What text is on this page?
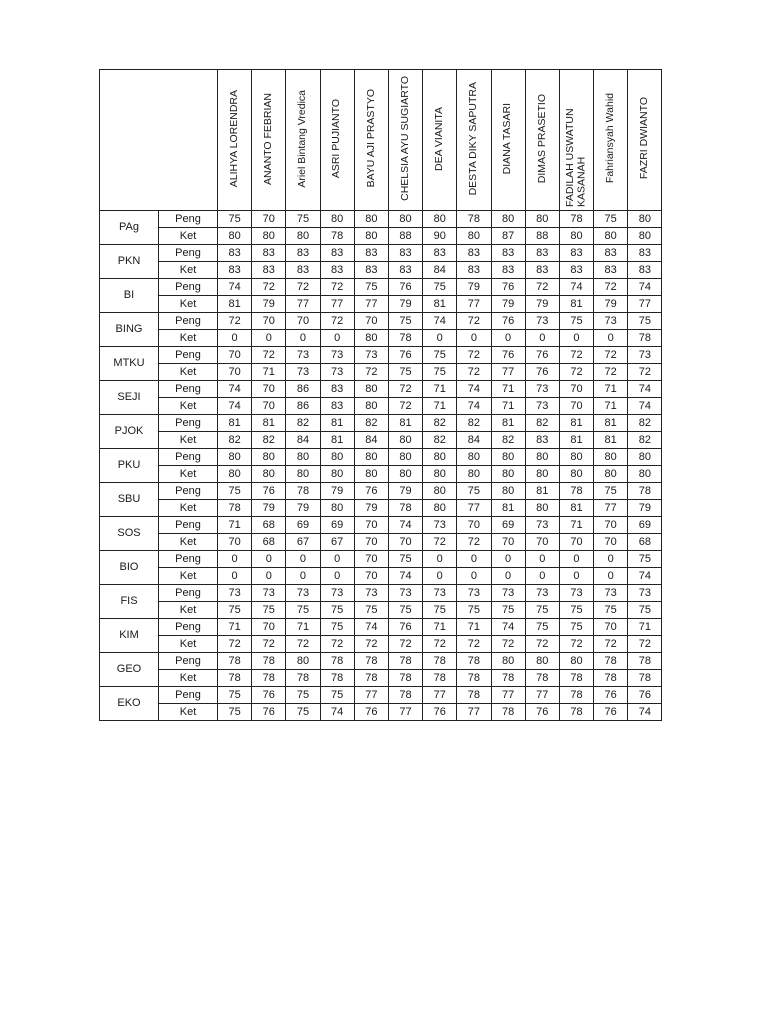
		ALIHYA LORENDRA	ANANTO FEBRIAN	Ariel Bintang Vredica	ASRI PUJIANTO	BAYU AJI PRASTYO	CHELSIA AYU SUGIARTO	DEA VIANITA	DESTA DIKY SAPUTRA	DIANA TASARI	DIMAS PRASETIO	FADILAH USWATUN KASANAH	Fahriansyah Wahid	FAZRI DWIANTO
PAg	Peng	75	70	75	80	80	80	80	78	80	80	78	75	80
	Ket	80	80	80	78	80	88	90	80	87	88	80	80	80
PKN	Peng	83	83	83	83	83	83	83	83	83	83	83	83	83
	Ket	83	83	83	83	83	83	84	83	83	83	83	83	83
BI	Peng	74	72	72	72	75	76	75	79	76	72	74	72	74
	Ket	81	79	77	77	77	79	81	77	79	79	81	79	77
BING	Peng	72	70	70	72	70	75	74	72	76	73	75	73	75
	Ket	0	0	0	0	80	78	0	0	0	0	0	0	78
MTKU	Peng	70	72	73	73	73	76	75	72	76	76	72	72	73
	Ket	70	71	73	73	72	75	75	72	77	76	72	72	72
SEJI	Peng	74	70	86	83	80	72	71	74	71	73	70	71	74
	Ket	74	70	86	83	80	72	71	74	71	73	70	71	74
PJOK	Peng	81	81	82	81	82	81	82	82	81	82	81	81	82
	Ket	82	82	84	81	84	80	82	84	82	83	81	81	82
PKU	Peng	80	80	80	80	80	80	80	80	80	80	80	80	80
	Ket	80	80	80	80	80	80	80	80	80	80	80	80	80
SBU	Peng	75	76	78	79	76	79	80	75	80	81	78	75	78
	Ket	78	79	79	80	79	78	80	77	81	80	81	77	79
SOS	Peng	71	68	69	69	70	74	73	70	69	73	71	70	69
	Ket	70	68	67	67	70	70	72	72	70	70	70	70	68
BIO	Peng	0	0	0	0	70	75	0	0	0	0	0	0	75
	Ket	0	0	0	0	70	74	0	0	0	0	0	0	74
FIS	Peng	73	73	73	73	73	73	73	73	73	73	73	73	73
	Ket	75	75	75	75	75	75	75	75	75	75	75	75	75
KIM	Peng	71	70	71	75	74	76	71	71	74	75	75	70	71
	Ket	72	72	72	72	72	72	72	72	72	72	72	72	72
GEO	Peng	78	78	80	78	78	78	78	78	80	80	80	78	78
	Ket	78	78	78	78	78	78	78	78	78	78	78	78	78
EKO	Peng	75	76	75	75	77	78	77	78	77	77	78	76	76
	Ket	75	76	75	74	76	77	76	77	78	76	78	76	74
